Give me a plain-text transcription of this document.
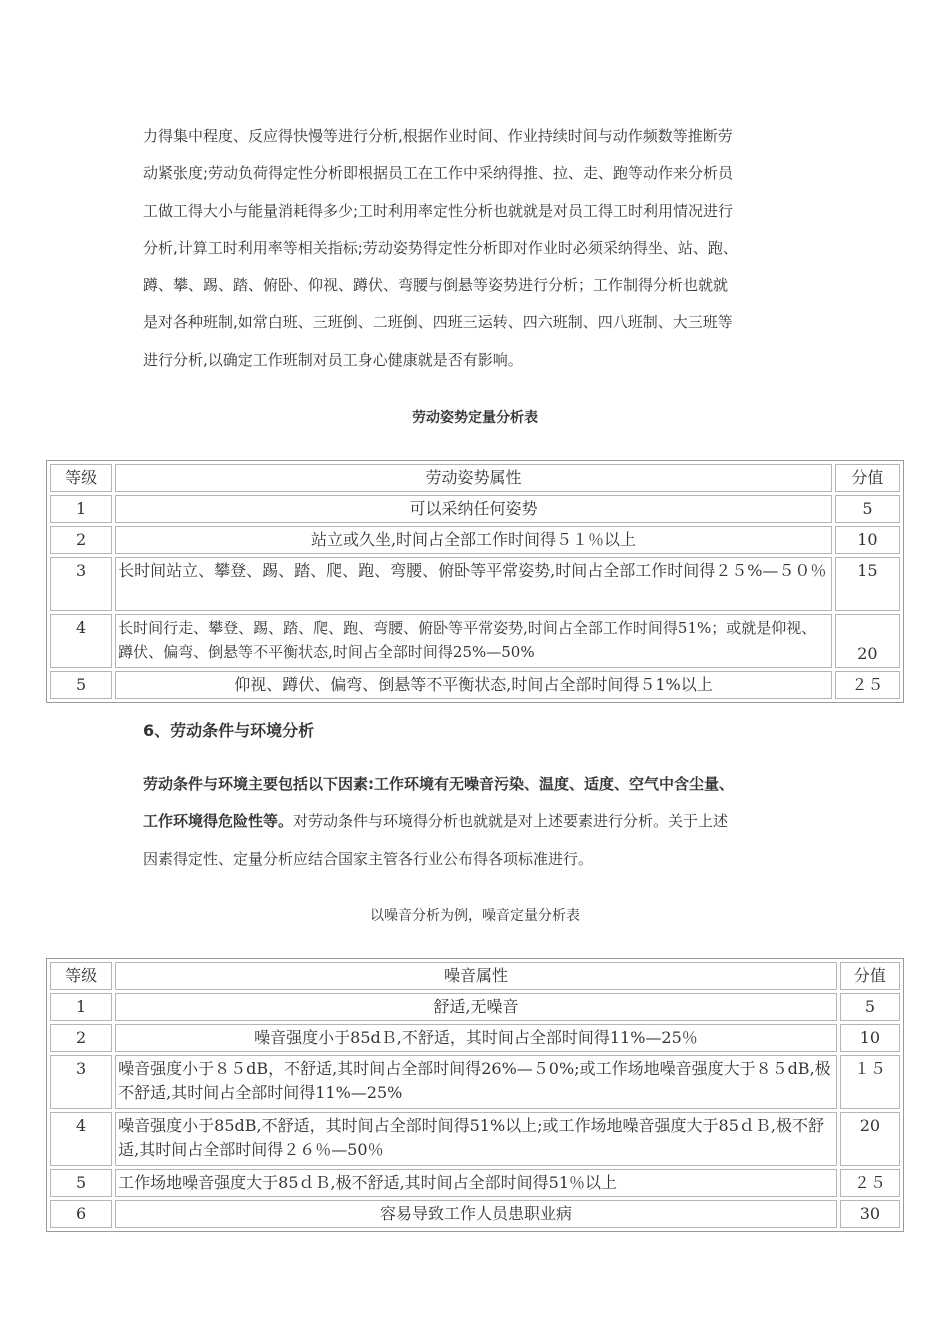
力得集中程度、反应得快慢等进行分析,根据作业时间、作业持续时间与动作频数等推断劳
动紧张度;劳动负荷得定性分析即根据员工在工作中采纳得推、拉、走、跑等动作来分析员
工做工得大小与能量消耗得多少;工时利用率定性分析也就就是对员工得工时利用情况进行
分析,计算工时利用率等相关指标;劳动姿势得定性分析即对作业时必须采纳得坐、站、跑、
蹲、攀、踢、踏、俯卧、仰视、蹲伏、弯腰与倒悬等姿势进行分析；工作制得分析也就就
是对各种班制,如常白班、三班倒、二班倒、四班三运转、四六班制、四八班制、大三班等
进行分析,以确定工作班制对员工身心健康就是否有影响。
劳动姿势定量分析表
等级	劳动姿势属性	分值
1	可以采纳任何姿势	5
2	站立或久坐,时间占全部工作时间得５１％以上	10
3	长时间站立、攀登、踢、踏、爬、跑、弯腰、俯卧等平常姿势,时间占全部工作时间得２５%—５０％	15
4	长时间行走、攀登、踢、踏、爬、跑、弯腰、俯卧等平常姿势,时间占全部工作时间得51%；或就是仰视、蹲伏、偏弯、倒悬等不平衡状态,时间占全部时间得25%—50%	20
5	仰视、蹲伏、偏弯、倒悬等不平衡状态,时间占全部时间得５1%以上	２５
6、劳动条件与环境分析
劳动条件与环境主要包括以下因素:工作环境有无噪音污染、温度、适度、空气中含尘量、
工作环境得危险性等。对劳动条件与环境得分析也就就是对上述要素进行分析。关于上述
因素得定性、定量分析应结合国家主管各行业公布得各项标准进行。
以噪音分析为例，噪音定量分析表
等级	噪音属性	分值
1	舒适,无噪音	5
2	噪音强度小于85dＢ,不舒适，其时间占全部时间得11%—25％	10
3	噪音强度小于８５dB，不舒适,其时间占全部时间得26%—５0%;或工作场地噪音强度大于８５dB,极不舒适,其时间占全部时间得11%—25%	１５
4	噪音强度小于85dB,不舒适，其时间占全部时间得51%以上;或工作场地噪音强度大于85ｄＢ,极不舒适,其时间占全部时间得２６％—50％	20
5	工作场地噪音强度大于85ｄＢ,极不舒适,其时间占全部时间得51％以上	２５
6	容易导致工作人员患职业病	30
